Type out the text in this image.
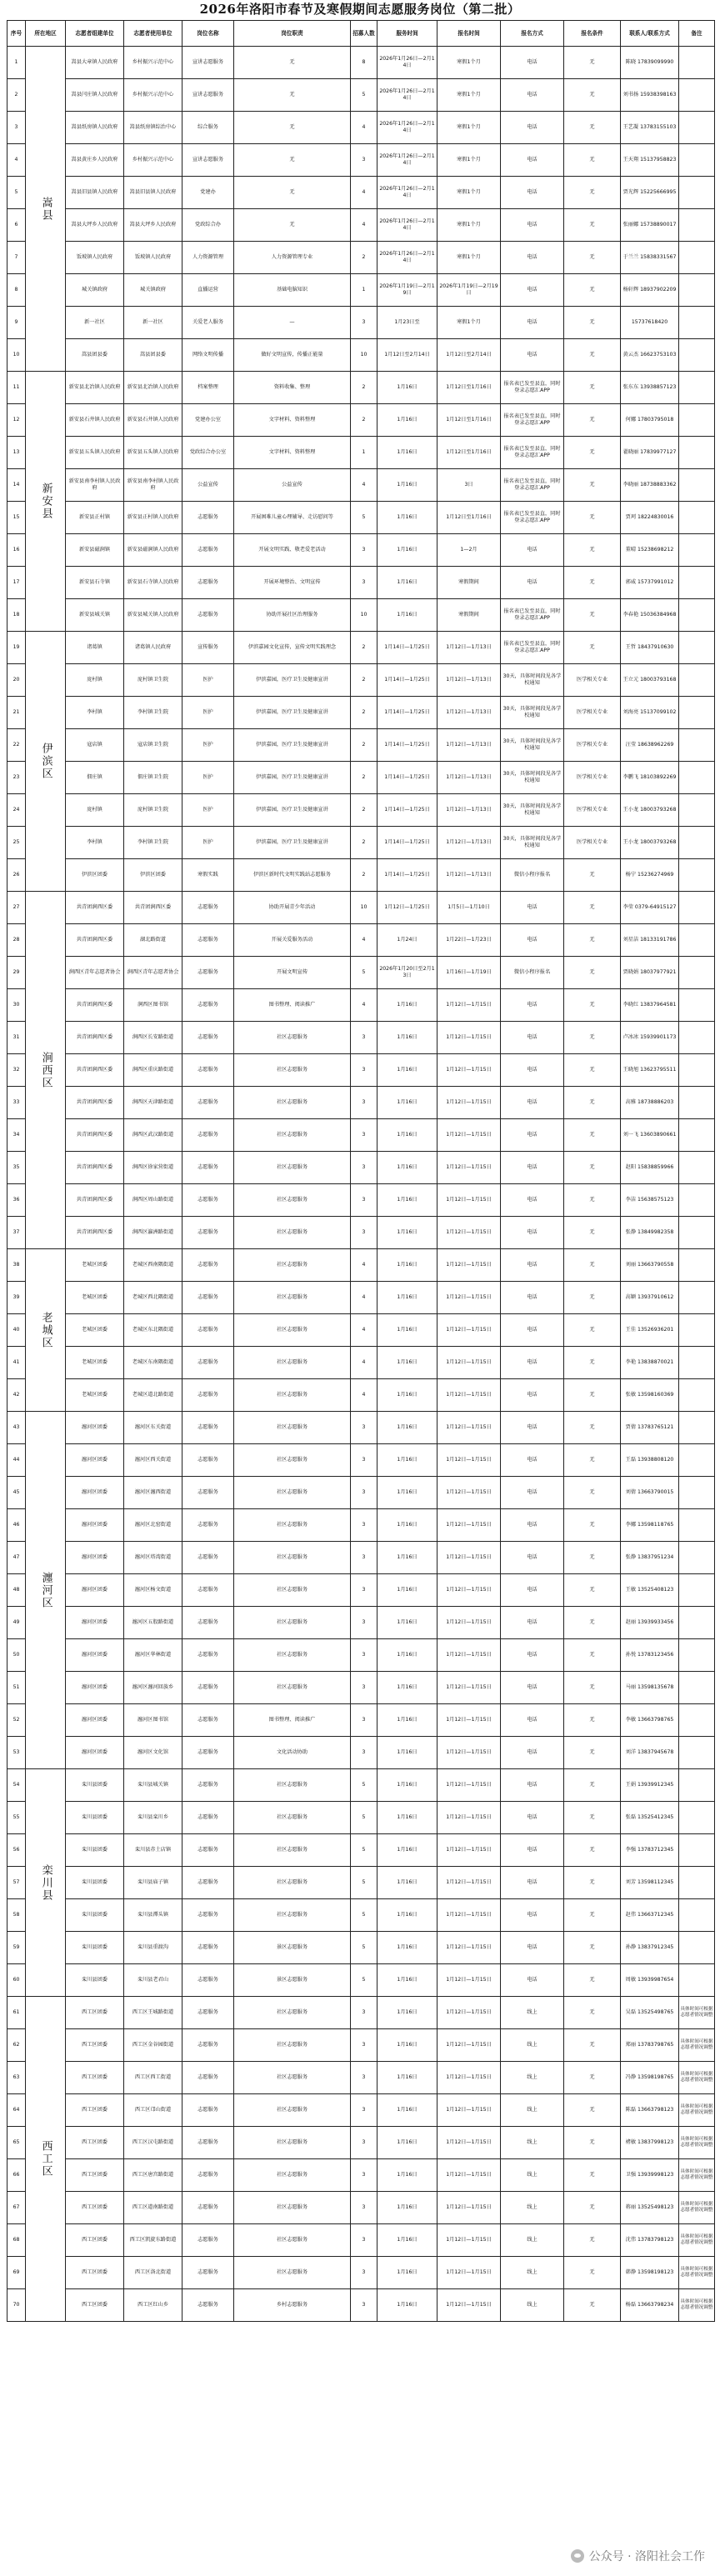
2026年洛阳市春节及寒假期间志愿服务岗位（第二批）
序号	所在地区	志愿者组建单位	志愿者使用单位	岗位名称	岗位职责	招募人数	服务时间	报名时间	报名方式	报名条件	联系人/联系方式	备注
1	嵩县	嵩县大章镇人民政府	乡村振兴示范中心	宣讲志愿服务	无	8	2026年1月26日—2月14日	寒假1个月	电话	无	陈晓 17839099990	
2		嵩县闫庄镇人民政府	乡村振兴示范中心	宣讲志愿服务	无	5	2026年1月26日—2月14日	寒假1个月	电话	无	刘书扬 15938398163	
3		嵩县纸房镇人民政府	嵩县纸房镇综治中心	综合服务	无	4	2026年1月26日—2月14日	寒假1个月	电话	无	王艺凝 13783155103	
4		嵩县黄庄乡人民政府	乡村振兴示范中心	宣讲志愿服务	无	3	2026年1月26日—2月14日	寒假1个月	电话	无	王天翔 15137958823	
5		嵩县旧县镇人民政府	嵩县旧县镇人民政府	党建办	无	4	2026年1月26日—2月14日	寒假1个月	电话	无	贾光辉 15225666995	
6		嵩县大坪乡人民政府	嵩县大坪乡人民政府	党政综合办	无	4	2026年1月26日—2月14日	寒假1个月	电话	无	张丽娜 15738890017	
7		饭坡镇人民政府	饭坡镇人民政府	人力资源管理	人力资源管理专业	2	2026年1月26日—2月14日	寒假1个月	电话	无	于兰兰 15838331567	
8		城关镇政府	城关镇政府	直播运营	基础电脑知识	1	2026年1月19日—2月19日	2026年1月19日—2月19日	电话	无	杨轩辉 18937902209	
9		新一社区	新一社区	关爱老人服务	—	3	1月23日至	寒假1个月	电话	无	15737618420	
10		嵩县团县委	嵩县团县委	网络文明传播	做好文明宣传，传播正能量	10	1月12日至2月14日	1月12日至2月14日	电话	无	黄云杰 16623753103	
11	新安县	新安县北冶镇人民政府	新安县北冶镇人民政府	档案整理	资料收集、整理	2	1月16日	1月12日至1月16日	报名表已发至县直，同时登录志愿汇APP	无	张东东 13938857123	
12		新安县石井镇人民政府	新安县石井镇人民政府	党建办公室	文字材料、资料整理	2	1月16日	1月12日至1月16日	报名表已发至县直，同时登录志愿汇APP	无	何娜 17803795018	
13		新安县五头镇人民政府	新安县五头镇人民政府	党政综合办公室	文字材料、资料整理	1	1月16日	1月12日至1月16日	报名表已发至县直，同时登录志愿汇APP	无	翟晓丽 17839977127	
14		新安县南李村镇人民政府	新安县南李村镇人民政府	公益宣传	公益宣传	4	1月16日	3日	报名表已发至县直，同时登录志愿汇APP	无	李晓丽 18738883362	
15		新安县正村镇	新安县正村镇人民政府	志愿服务	开展困难儿童心理辅导、走访慰问等	5	1月16日	1月12日至1月16日	报名表已发至县直，同时登录志愿汇APP	无	贾珂 18224830016	
16		新安县磁涧镇	新安县磁涧镇人民政府	志愿服务	开展文明实践、敬老爱老活动	3	1月16日	1—2月	电话	无	董晴 15238698212	
17		新安县石寺镇	新安县石寺镇人民政府	志愿服务	开展环境整治、文明宣传	3	1月16日	寒假期间	电话	无	郭威 15737991012	
18		新安县城关镇	新安县城关镇人民政府	志愿服务	协助开展社区治理服务	10	1月16日	寒假期间	报名表已发至县直，同时登录志愿汇APP	无	李春艳 15036384968	
19	伊滨区	诸葛镇	诸葛镇人民政府	宣传服务	伊滨嘉园文化宣传，宣传文明实践理念	2	1月14日—1月25日	1月12日—1月13日	报名表已发至县直，同时登录志愿汇APP	无	王哲 18437910630	
20		庞村镇	庞村镇卫生院	医护	伊滨嘉园，医疗卫生及健康宣讲	2	1月14日—1月25日	1月12日—1月13日	30天，具体时间段见各学校通知	医学相关专业	王立元 18003793168	
21		李村镇	李村镇卫生院	医护	伊滨嘉园，医疗卫生及健康宣讲	2	1月14日—1月25日	1月12日—1月13日	30天，具体时间段见各学校通知	医学相关专业	刘海亮 15137099102	
22		寇店镇	寇店镇卫生院	医护	伊滨嘉园，医疗卫生及健康宣讲	2	1月14日—1月25日	1月12日—1月13日	30天，具体时间段见各学校通知	医学相关专业	汪莹 18638962269	
23		佃庄镇	佃庄镇卫生院	医护	伊滨嘉园，医疗卫生及健康宣讲	2	1月14日—1月25日	1月12日—1月13日	30天，具体时间段见各学校通知	医学相关专业	李鹏飞 18103892269	
24		庞村镇	庞村镇卫生院	医护	伊滨嘉园，医疗卫生及健康宣讲	2	1月14日—1月25日	1月12日—1月13日	30天，具体时间段见各学校通知	医学相关专业	王小龙 18003793268	
25		李村镇	李村镇卫生院	医护	伊滨嘉园，医疗卫生及健康宣讲	2	1月14日—1月25日	1月12日—1月13日	30天，具体时间段见各学校通知	医学相关专业	王小龙 18003793268	
26		伊滨区团委	伊滨区团委	寒假实践	伊滨区新时代文明实践站志愿服务	2	1月14日—1月25日	1月12日—1月13日	微信小程序报名	无	杨宁 15236274969	
27	涧西区	共青团涧西区委	共青团涧西区委	志愿服务	协助开展青少年活动	10	1月12日—1月25日	1月5日—1月10日	电话	无	李莹 0379-64915127	
28		共青团涧西区委	湖北路街道	志愿服务	开展关爱服务活动	4	1月24日	1月22日—1月23日	电话	无	刘星洁 18133191786	
29		涧西区青年志愿者协会	涧西区青年志愿者协会	志愿服务	开展文明宣传	5	2026年1月20日至2月13日	1月16日—1月19日	微信小程序报名	无	贾晓娟 18037977921	
30		共青团涧西区委	涧西区图书馆	志愿服务	图书整理、阅读推广	4	1月16日	1月12日—1月15日	电话	无	李晓红 13837964581	
31		共青团涧西区委	涧西区长安路街道	志愿服务	社区志愿服务	3	1月16日	1月12日—1月15日	电话	无	卢冰冰 15939901173	
32		共青团涧西区委	涧西区重庆路街道	志愿服务	社区志愿服务	3	1月16日	1月12日—1月15日	电话	无	王晓旭 13623795511	
33		共青团涧西区委	涧西区天津路街道	志愿服务	社区志愿服务	3	1月16日	1月12日—1月15日	电话	无	高雅 18738886203	
34		共青团涧西区委	涧西区武汉路街道	志愿服务	社区志愿服务	3	1月16日	1月12日—1月15日	电话	无	刘一飞 13603890661	
35		共青团涧西区委	涧西区徐家营街道	志愿服务	社区志愿服务	3	1月16日	1月12日—1月15日	电话	无	赵阳 15838859966	
36		共青团涧西区委	涧西区周山路街道	志愿服务	社区志愿服务	3	1月16日	1月12日—1月15日	电话	无	李洁 15638575123	
37		共青团涧西区委	涧西区瀛洲路街道	志愿服务	社区志愿服务	3	1月16日	1月12日—1月15日	电话	无	张静 13849982358	
38	老城区	老城区团委	老城区西南隅街道	志愿服务	社区志愿服务	4	1月16日	1月12日—1月15日	电话	无	刘丽 13663790558	
39		老城区团委	老城区西北隅街道	志愿服务	社区志愿服务	4	1月16日	1月12日—1月15日	电话	无	高颖 13937910612	
40		老城区团委	老城区东北隅街道	志愿服务	社区志愿服务	4	1月16日	1月12日—1月15日	电话	无	王佳 13526936201	
41		老城区团委	老城区东南隅街道	志愿服务	社区志愿服务	4	1月16日	1月12日—1月15日	电话	无	李艳 13838870021	
42		老城区团委	老城区道北路街道	志愿服务	社区志愿服务	4	1月16日	1月12日—1月15日	电话	无	张敏 13598160369	
43	瀍河区	瀍河区团委	瀍河区东关街道	志愿服务	社区志愿服务	3	1月16日	1月12日—1月15日	电话	无	贾倩 13783765121	
44		瀍河区团委	瀍河区西关街道	志愿服务	社区志愿服务	3	1月16日	1月12日—1月15日	电话	无	王磊 13938808120	
45		瀍河区团委	瀍河区瀍西街道	志愿服务	社区志愿服务	3	1月16日	1月12日—1月15日	电话	无	刘倩 13663790015	
46		瀍河区团委	瀍河区北窑街道	志愿服务	社区志愿服务	3	1月16日	1月12日—1月15日	电话	无	李娜 13598118765	
47		瀍河区团委	瀍河区塔湾街道	志愿服务	社区志愿服务	3	1月16日	1月12日—1月15日	电话	无	张静 13837951234	
48		瀍河区团委	瀍河区杨文街道	志愿服务	社区志愿服务	3	1月16日	1月12日—1月15日	电话	无	王敏 13525408123	
49		瀍河区团委	瀍河区五股路街道	志愿服务	社区志愿服务	3	1月16日	1月12日—1月15日	电话	无	赵丽 13939933456	
50		瀍河区团委	瀍河区华林街道	志愿服务	社区志愿服务	3	1月16日	1月12日—1月15日	电话	无	孙悦 13783123456	
51		瀍河区团委	瀍河区瀍河回族乡	志愿服务	社区志愿服务	3	1月16日	1月12日—1月15日	电话	无	马丽 13598135678	
52		瀍河区团委	瀍河区图书馆	志愿服务	图书整理、阅读推广	3	1月16日	1月12日—1月15日	电话	无	李敏 13663798765	
53		瀍河区团委	瀍河区文化馆	志愿服务	文化活动协助	3	1月16日	1月12日—1月15日	电话	无	刘洋 13837945678	
54	栾川县	栾川县团委	栾川县城关镇	志愿服务	社区志愿服务	5	1月16日	1月12日—1月15日	电话	无	王娟 13939912345	
55		栾川县团委	栾川县栾川乡	志愿服务	社区志愿服务	5	1月16日	1月12日—1月15日	电话	无	张磊 13525412345	
56		栾川县团委	栾川县赤土店镇	志愿服务	社区志愿服务	5	1月16日	1月12日—1月15日	电话	无	李强 13783712345	
57		栾川县团委	栾川县庙子镇	志愿服务	社区志愿服务	5	1月16日	1月12日—1月15日	电话	无	刘芳 13598112345	
58		栾川县团委	栾川县潭头镇	志愿服务	社区志愿服务	5	1月16日	1月12日—1月15日	电话	无	赵伟 13663712345	
59		栾川县团委	栾川县重渡沟	志愿服务	景区志愿服务	5	1月16日	1月12日—1月15日	电话	无	孙静 13837912345	
60		栾川县团委	栾川县老君山	志愿服务	景区志愿服务	5	1月16日	1月12日—1月15日	电话	无	周敏 13939987654	
61	西工区	西工区团委	西工区王城路街道	志愿服务	社区志愿服务	3	1月16日	1月12日—1月15日	线上	无	吴磊 13525498765	具体时间可根据志愿者情况调整
62		西工区团委	西工区金谷园街道	志愿服务	社区志愿服务	3	1月16日	1月12日—1月15日	线上	无	郑丽 13783798765	具体时间可根据志愿者情况调整
63		西工区团委	西工区西工街道	志愿服务	社区志愿服务	3	1月16日	1月12日—1月15日	线上	无	冯静 13598198765	具体时间可根据志愿者情况调整
64		西工区团委	西工区邙山街道	志愿服务	社区志愿服务	3	1月16日	1月12日—1月15日	线上	无	陈磊 13663798123	具体时间可根据志愿者情况调整
65		西工区团委	西工区汉屯路街道	志愿服务	社区志愿服务	3	1月16日	1月12日—1月15日	线上	无	褚敏 13837998123	具体时间可根据志愿者情况调整
66		西工区团委	西工区唐宫路街道	志愿服务	社区志愿服务	3	1月16日	1月12日—1月15日	线上	无	卫强 13939998123	具体时间可根据志愿者情况调整
67		西工区团委	西工区道南路街道	志愿服务	社区志愿服务	3	1月16日	1月12日—1月15日	线上	无	蒋丽 13525498123	具体时间可根据志愿者情况调整
68		西工区团委	西工区凯旋东路街道	志愿服务	社区志愿服务	3	1月16日	1月12日—1月15日	线上	无	沈伟 13783798123	具体时间可根据志愿者情况调整
69		西工区团委	西工区洛北街道	志愿服务	社区志愿服务	3	1月16日	1月12日—1月15日	线上	无	韩静 13598198123	具体时间可根据志愿者情况调整
70		西工区团委	西工区红山乡	志愿服务	乡村志愿服务	3	1月16日	1月12日—1月15日	线上	无	杨磊 13663798234	具体时间可根据志愿者情况调整
公众号 · 洛阳社会工作
